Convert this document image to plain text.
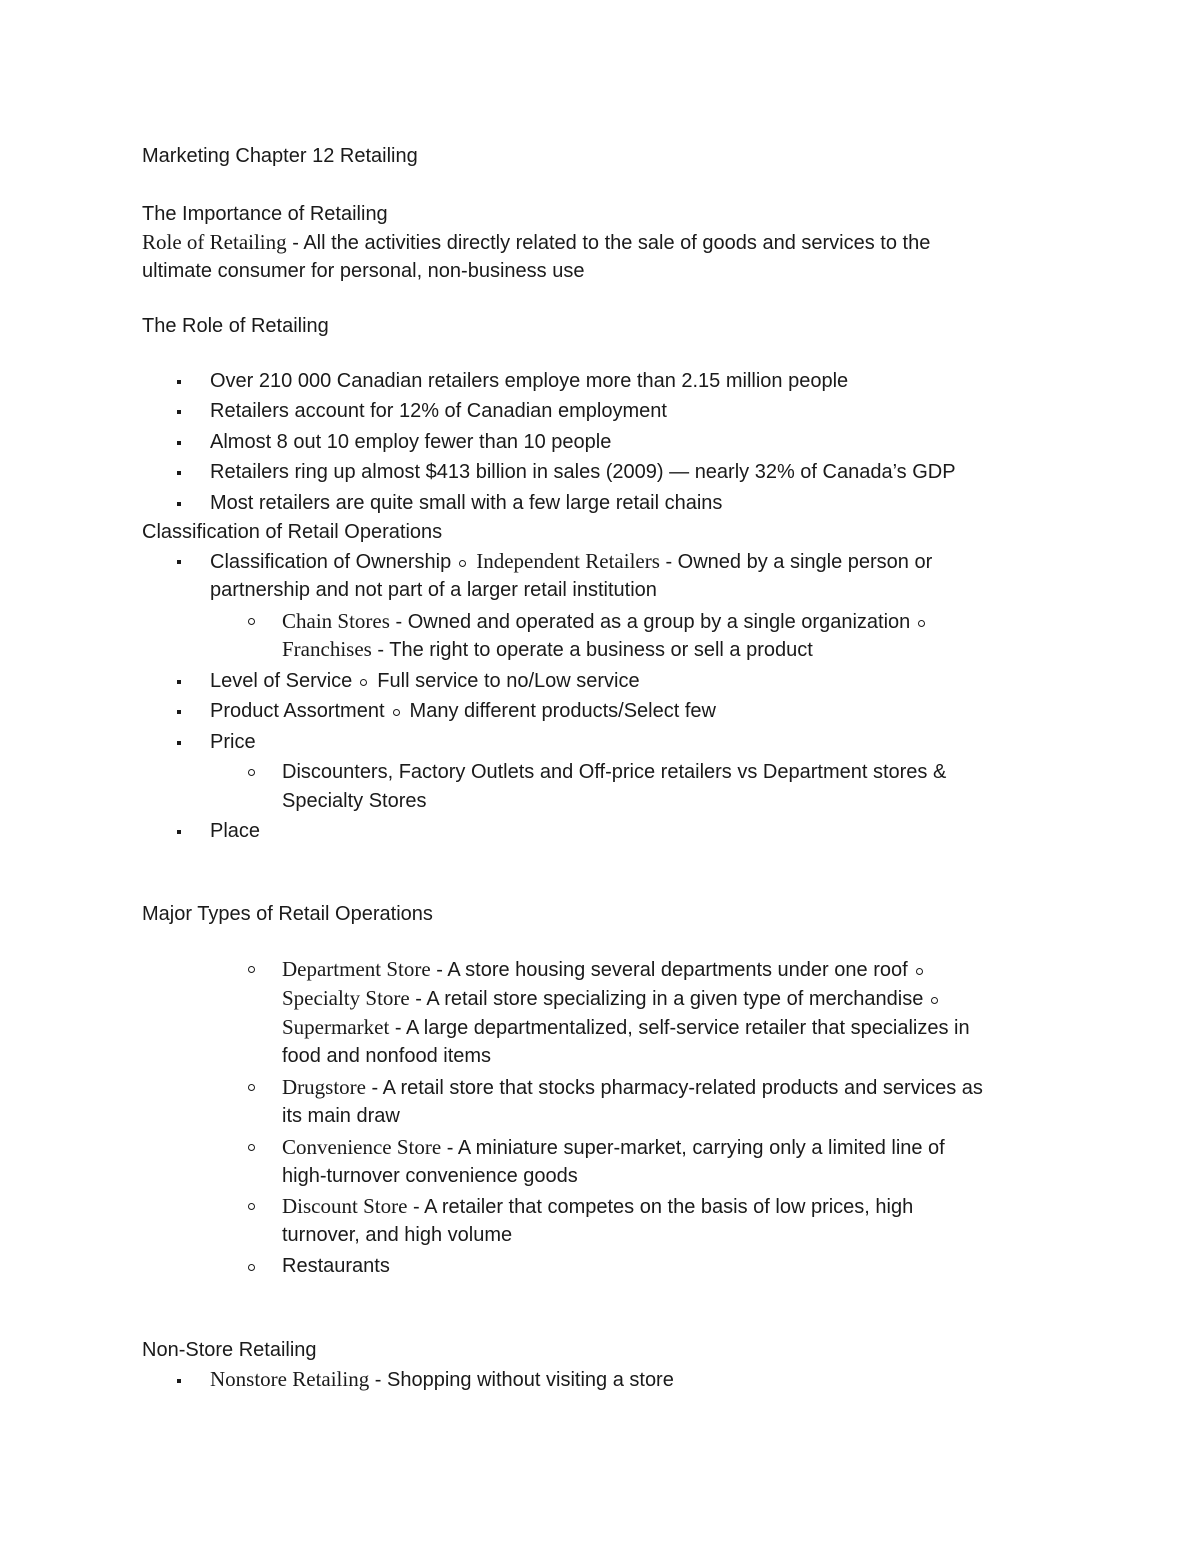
Marketing Chapter 12 Retailing
The Importance of Retailing
Role of Retailing - All the activities directly related to the sale of goods and services to the
ultimate consumer for personal, non-business use
The Role of Retailing
Over 210 000 Canadian retailers employe more than 2.15 million people
Retailers account for 12% of Canadian employment
Almost 8 out 10 employ fewer than 10 people
Retailers ring up almost $413 billion in sales (2009) — nearly 32% of Canada’s GDP
Most retailers are quite small with a few large retail chains
Classification of Retail Operations
Classification of Ownership Independent Retailers - Owned by a single person or
partnership and not part of a larger retail institution
Chain Stores - Owned and operated as a group by a single organization
Franchises - The right to operate a business or sell a product
Level of Service Full service to no/Low service
Product Assortment Many different products/Select few
Price
Discounters, Factory Outlets and Off-price retailers vs Department stores &
Specialty Stores
Place
Major Types of Retail Operations
Department Store - A store housing several departments under one roof
Specialty Store - A retail store specializing in a given type of merchandise
Supermarket - A large departmentalized, self-service retailer that specializes in
food and nonfood items
Drugstore - A retail store that stocks pharmacy-related products and services as
its main draw
Convenience Store - A miniature super-market, carrying only a limited line of
high-turnover convenience goods
Discount Store - A retailer that competes on the basis of low prices, high
turnover, and high volume
Restaurants
Non-Store Retailing
Nonstore Retailing - Shopping without visiting a store
